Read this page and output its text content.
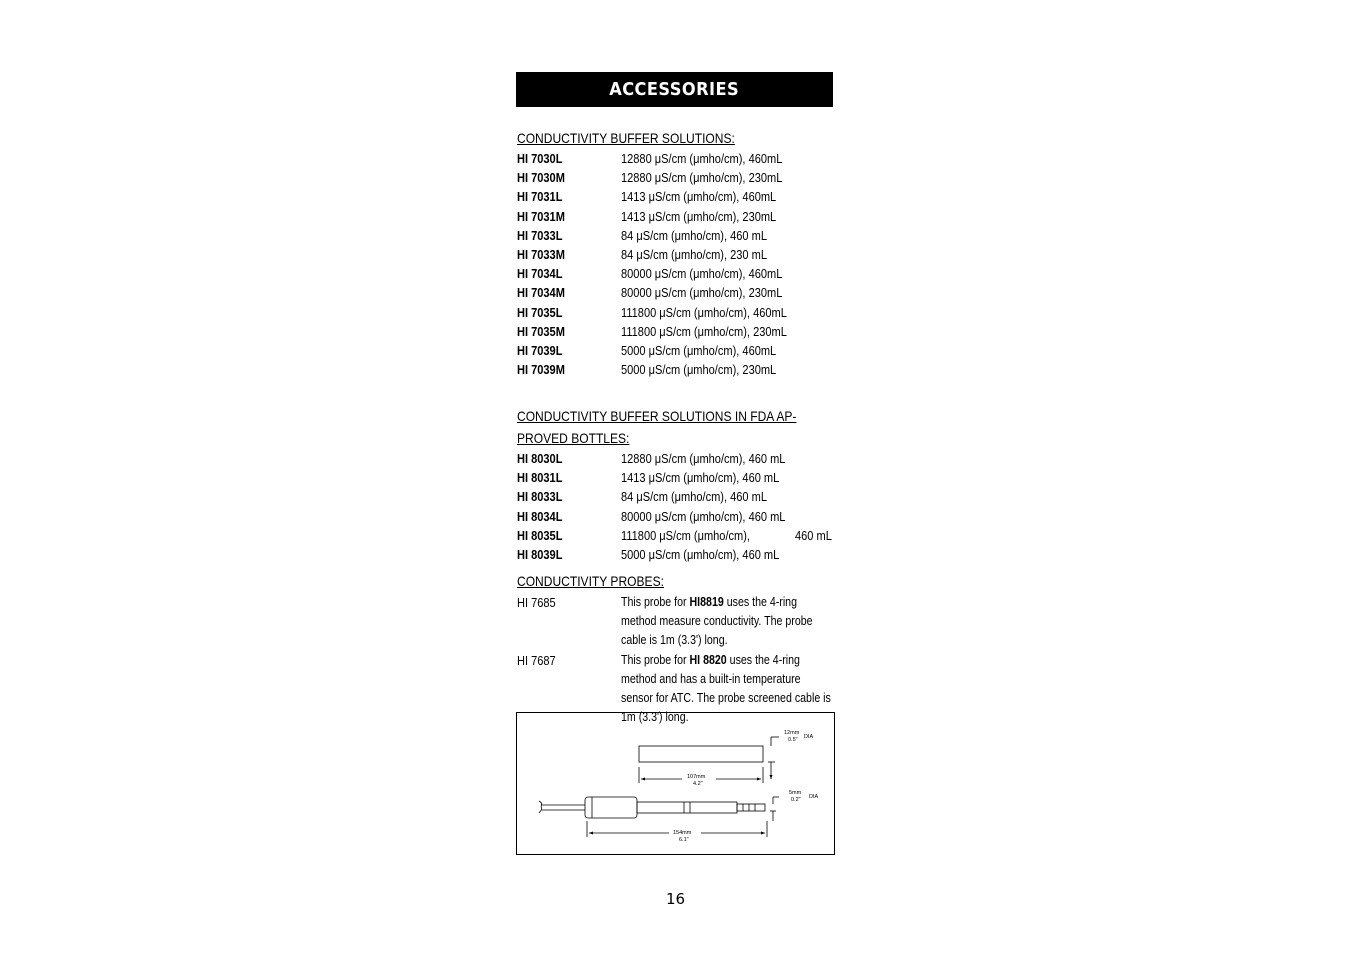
ACCESSORIES
CONDUCTIVITY BUFFER SOLUTIONS:
HI 7030L	12880 μS/cm (μmho/cm), 460mL
HI 7030M	12880 μS/cm (μmho/cm), 230mL
HI 7031L	1413 μS/cm (μmho/cm), 460mL
HI 7031M	1413 μS/cm (μmho/cm), 230mL
HI 7033L	84 μS/cm (μmho/cm), 460 mL
HI 7033M	84 μS/cm (μmho/cm), 230 mL
HI 7034L	80000 μS/cm (μmho/cm), 460mL
HI 7034M	80000 μS/cm (μmho/cm), 230mL
HI 7035L	111800 μS/cm (μmho/cm), 460mL
HI 7035M	111800 μS/cm (μmho/cm), 230mL
HI 7039L	5000 μS/cm (μmho/cm), 460mL
HI 7039M	5000 μS/cm (μmho/cm), 230mL
CONDUCTIVITY BUFFER SOLUTIONS IN FDA AP-
PROVED BOTTLES:
HI 8030L	12880 μS/cm (μmho/cm), 460 mL
HI 8031L	1413 μS/cm (μmho/cm), 460 mL
HI 8033L	84 μS/cm (μmho/cm), 460 mL
HI 8034L	80000 μS/cm (μmho/cm), 460 mL
HI 8035L	111800 μS/cm (μmho/cm),	460 mL
HI 8039L	5000 μS/cm (μmho/cm), 460 mL
CONDUCTIVITY PROBES:
HI 7685	This probe for HI8819 uses the 4-ring method measure conductivity. The probe cable is 1m (3.3') long.
HI 7687	This probe for HI 8820 uses the 4-ring method and has a built-in temperature sensor for ATC. The probe screened cable is 1m (3.3') long.
12mm
DIA
0.5"
107mm
4.2"
5mm
DIA
0.2"
154mm
6.1"
16
